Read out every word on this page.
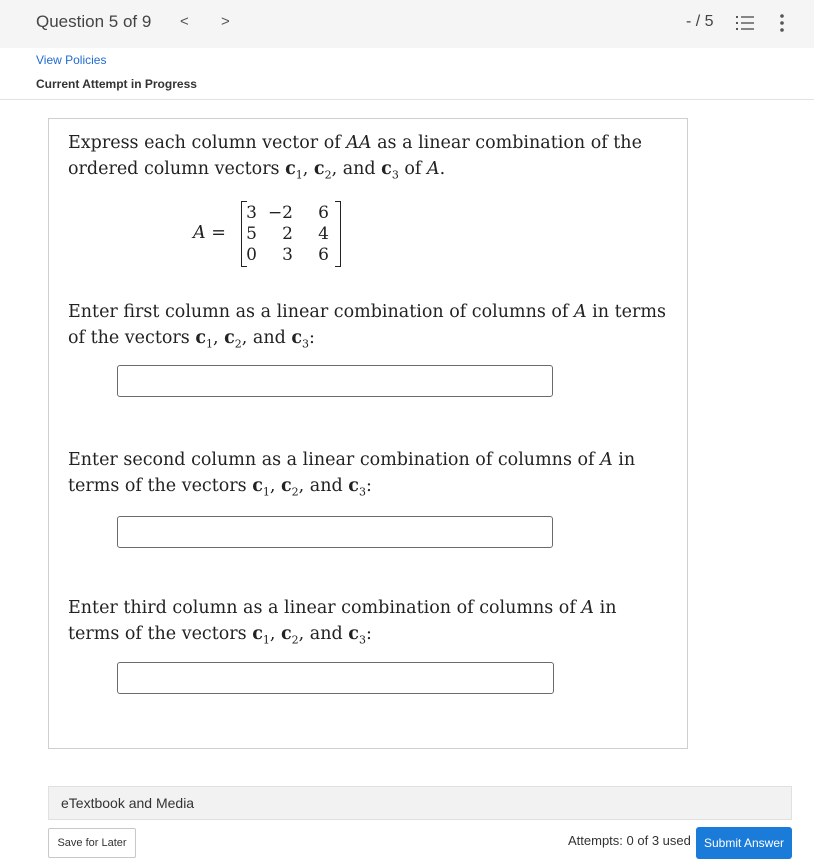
Question 5 of 9 < >	- / 5
View Policies
Current Attempt in Progress
Express each column vector of AA as a linear combination of the ordered column vectors $c_1$, $c_2$, and $c_3$ of A.
A =
3 −2	6
5	2	4
0	3	6
Enter first column as a linear combination of columns of A in terms of the vectors $c_1$, $c_2$, and $c_3$:
Enter second column as a linear combination of columns of A in terms of the vectors $c_1$, $c_2$, and $c_3$:
Enter third column as a linear combination of columns of A in terms of the vectors $c_1$, $c_2$, and $c_3$:
eTextbook and Media
Save for Later	Attempts: 0 of 3 used	Submit Answer
